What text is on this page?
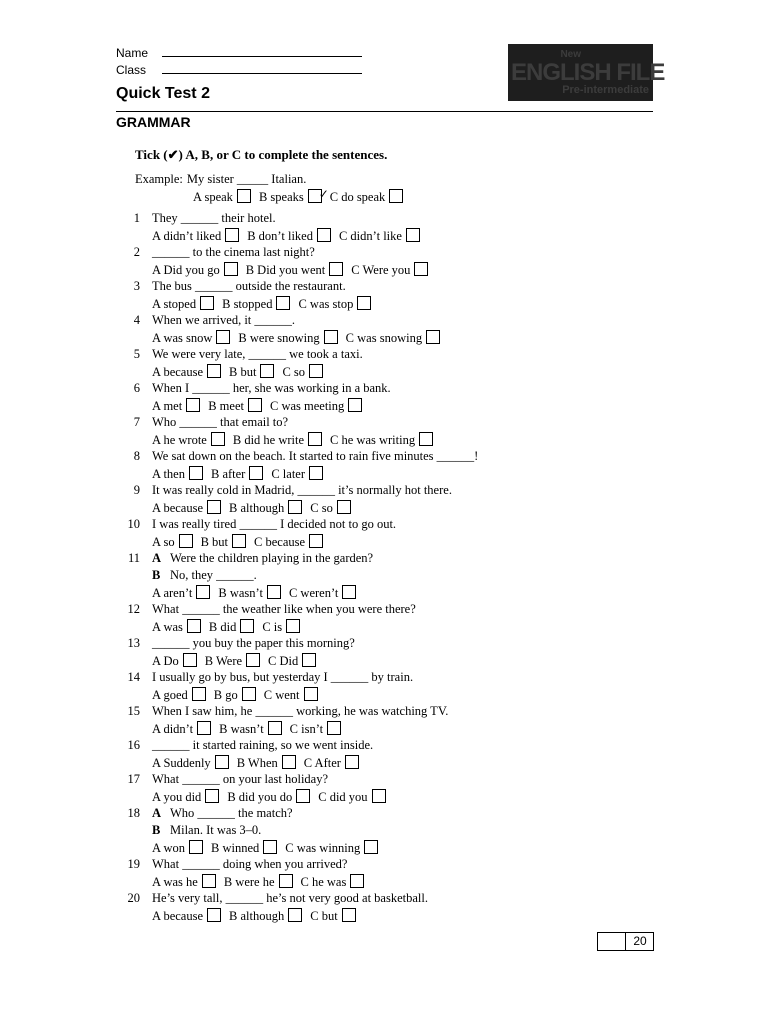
Name
Class
New
ENGLISH FILE
Pre-intermediate
Quick Test 2
GRAMMAR
Tick (✔) A, B, or C to complete the sentences.
Example: My sister _____ Italian.
A speak B speaks ✓ C do speak
1 They ______ their hotel.
A didn’t liked B don’t liked C didn’t like
2 ______ to the cinema last night?
A Did you go B Did you went C Were you
3 The bus ______ outside the restaurant.
A stoped B stopped C was stop
4 When we arrived, it ______.
A was snow B were snowing C was snowing
5 We were very late, ______ we took a taxi.
A because B but C so
6 When I ______ her, she was working in a bank.
A met B meet C was meeting
7 Who ______ that email to?
A he wrote B did he write C he was writing
8 We sat down on the beach. It started to rain five minutes ______!
A then B after C later
9 It was really cold in Madrid, ______ it’s normally hot there.
A because B although C so
10 I was really tired ______ I decided not to go out.
A so B but C because
11 A Were the children playing in the garden?
B No, they ______.
A aren’t B wasn’t C weren’t
12 What ______ the weather like when you were there?
A was B did C is
13 ______ you buy the paper this morning?
A Do B Were C Did
14 I usually go by bus, but yesterday I ______ by train.
A goed B go C went
15 When I saw him, he ______ working, he was watching TV.
A didn’t B wasn’t C isn’t
16 ______ it started raining, so we went inside.
A Suddenly B When C After
17 What ______ on your last holiday?
A you did B did you do C did you
18 A Who ______ the match?
B Milan. It was 3–0.
A won B winned C was winning
19 What ______ doing when you arrived?
A was he B were he C he was
20 He’s very tall, ______ he’s not very good at basketball.
A because B although C but
20
